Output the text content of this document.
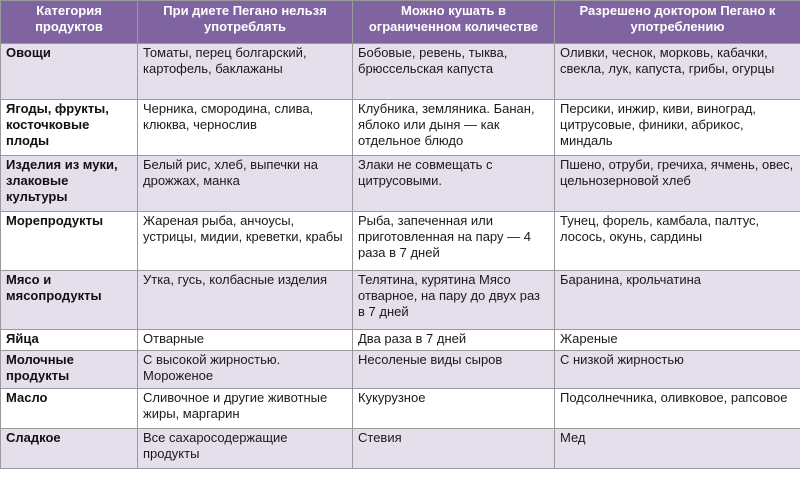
Категория продуктов	При диете Пегано нельзя употреблять	Можно кушать в ограниченном количестве	Разрешено доктором Пегано к употреблению
Овощи	Томаты, перец болгарский, картофель, баклажаны	Бобовые, ревень, тыква, брюссельская капуста	Оливки, чеснок, морковь, кабачки, свекла, лук, капуста, грибы, огурцы
Ягоды, фрукты, косточковые плоды	Черника, смородина, слива, клюква, чернослив	Клубника, земляника. Банан, яблоко или дыня — как отдельное блюдо	Персики, инжир, киви, виноград, цитрусовые, финики, абрикос, миндаль
Изделия из муки, злаковые культуры	Белый рис, хлеб, выпечки на дрожжах, манка	Злаки не совмещать с цитрусовыми.	Пшено, отруби, гречиха, ячмень, овес, цельнозерновой хлеб
Морепродукты	Жареная рыба, анчоусы, устрицы, мидии, креветки, крабы	Рыба, запеченная или приготовленная на пару — 4 раза в 7 дней	Тунец, форель, камбала, палтус, лосось, окунь, сардины
Мясо и мясопродукты	Утка, гусь, колбасные изделия	Телятина, курятина Мясо отварное, на пару до двух раз в 7 дней	Баранина, крольчатина
Яйца	Отварные	Два раза в 7 дней	Жареные
Молочные продукты	С высокой жирностью. Мороженое	Несоленые виды сыров	С низкой жирностью
Масло	Сливочное и другие животные жиры, маргарин	Кукурузное	Подсолнечника, оливковое, рапсовое
Сладкое	Все сахаросодержащие продукты	Стевия	Мед
